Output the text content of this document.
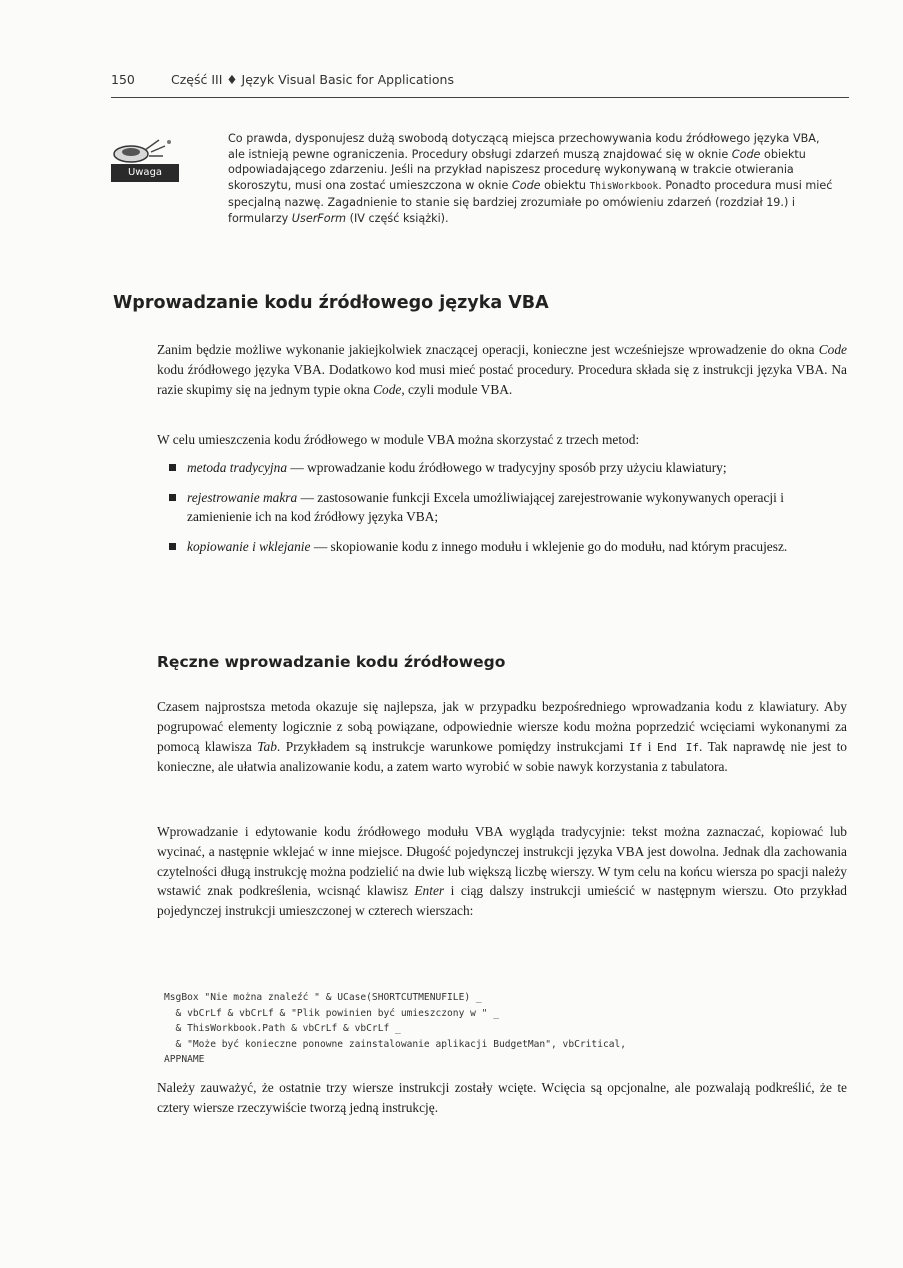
150	Część III ♦ Język Visual Basic for Applications
Uwaga
Co prawda, dysponujesz dużą swobodą dotyczącą miejsca przechowywania kodu źródłowego języka VBA, ale istnieją pewne ograniczenia. Procedury obsługi zdarzeń muszą znajdować się w oknie Code obiektu odpowiadającego zdarzeniu. Jeśli na przykład napiszesz procedurę wykonywaną w trakcie otwierania skoroszytu, musi ona zostać umieszczona w oknie Code obiektu ThisWorkbook. Ponadto procedura musi mieć specjalną nazwę. Zagadnienie to stanie się bardziej zrozumiałe po omówieniu zdarzeń (rozdział 19.) i formularzy UserForm (IV część książki).
Wprowadzanie kodu źródłowego języka VBA
Zanim będzie możliwe wykonanie jakiejkolwiek znaczącej operacji, konieczne jest wcześniejsze wprowadzenie do okna Code kodu źródłowego języka VBA. Dodatkowo kod musi mieć postać procedury. Procedura składa się z instrukcji języka VBA. Na razie skupimy się na jednym typie okna Code, czyli module VBA.
W celu umieszczenia kodu źródłowego w module VBA można skorzystać z trzech metod:
metoda tradycyjna — wprowadzanie kodu źródłowego w tradycyjny sposób przy użyciu klawiatury;
rejestrowanie makra — zastosowanie funkcji Excela umożliwiającej zarejestrowanie wykonywanych operacji i zamienienie ich na kod źródłowy języka VBA;
kopiowanie i wklejanie — skopiowanie kodu z innego modułu i wklejenie go do modułu, nad którym pracujesz.
Ręczne wprowadzanie kodu źródłowego
Czasem najprostsza metoda okazuje się najlepsza, jak w przypadku bezpośredniego wprowadzania kodu z klawiatury. Aby pogrupować elementy logicznie z sobą powiązane, odpowiednie wiersze kodu można poprzedzić wcięciami wykonanymi za pomocą klawisza Tab. Przykładem są instrukcje warunkowe pomiędzy instrukcjami If i End If. Tak naprawdę nie jest to konieczne, ale ułatwia analizowanie kodu, a zatem warto wyrobić w sobie nawyk korzystania z tabulatora.
Wprowadzanie i edytowanie kodu źródłowego modułu VBA wygląda tradycyjnie: tekst można zaznaczać, kopiować lub wycinać, a następnie wklejać w inne miejsce. Długość pojedynczej instrukcji języka VBA jest dowolna. Jednak dla zachowania czytelności długą instrukcję można podzielić na dwie lub większą liczbę wierszy. W tym celu na końcu wiersza po spacji należy wstawić znak podkreślenia, wcisnąć klawisz Enter i ciąg dalszy instrukcji umieścić w następnym wierszu. Oto przykład pojedynczej instrukcji umieszczonej w czterech wierszach:
MsgBox "Nie można znaleźć " & UCase(SHORTCUTMENUFILE) _
& vbCrLf & vbCrLf & "Plik powinien być umieszczony w " _
& ThisWorkbook.Path & vbCrLf & vbCrLf _
& "Może być konieczne ponowne zainstalowanie aplikacji BudgetMan", vbCritical,
APPNAME
Należy zauważyć, że ostatnie trzy wiersze instrukcji zostały wcięte. Wcięcia są opcjonalne, ale pozwalają podkreślić, że te cztery wiersze rzeczywiście tworzą jedną instrukcję.
